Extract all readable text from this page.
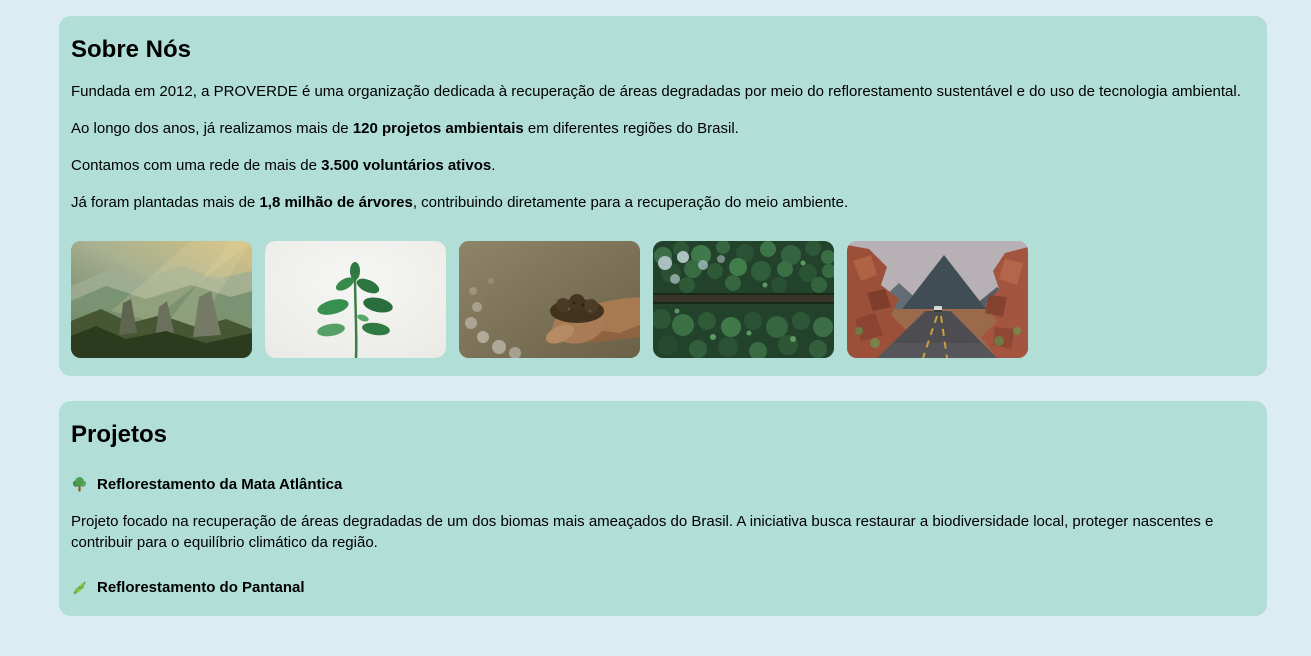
Sobre Nós

Fundada em 2012, a PROVERDE é uma organização dedicada à recuperação de áreas degradadas por meio do reflorestamento sustentável e do uso de tecnologia ambiental.

Ao longo dos anos, já realizamos mais de 120 projetos ambientais em diferentes regiões do Brasil.

Contamos com uma rede de mais de 3.500 voluntários ativos.

Já foram plantadas mais de 1,8 milhão de árvores, contribuindo diretamente para a recuperação do meio ambiente.

Projetos
Reflorestamento da Mata Atlântica

Projeto focado na recuperação de áreas degradadas de um dos biomas mais ameaçados do Brasil. A iniciativa busca restaurar a biodiversidade local, proteger nascentes e contribuir para o equilíbrio climático da região.

Reflorestamento do Pantanal
